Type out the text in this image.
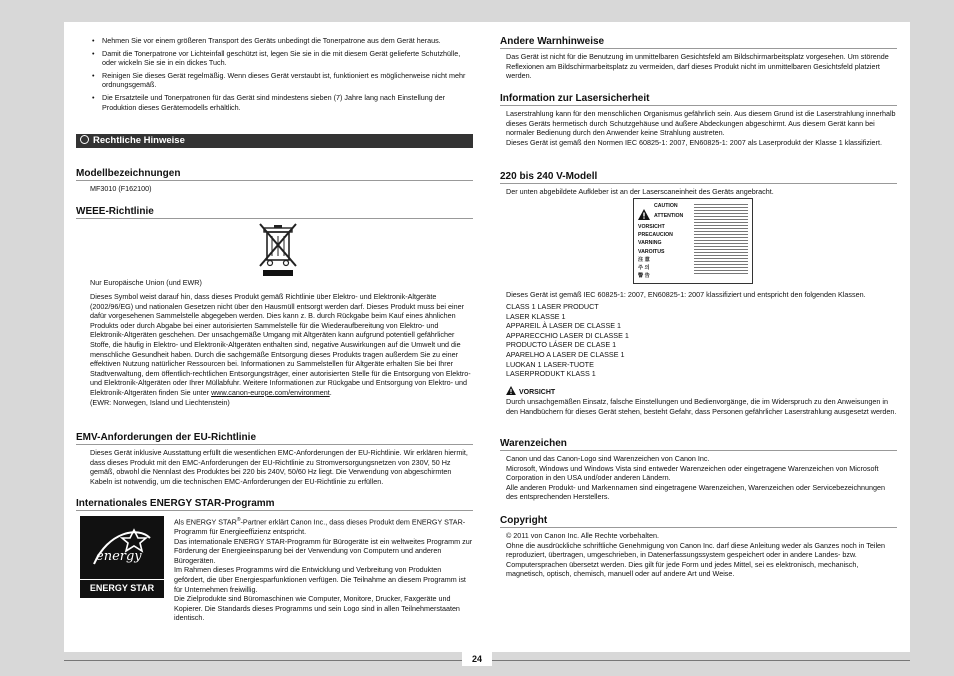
• Nehmen Sie vor einem größeren Transport des Geräts unbedingt die Tonerpatrone aus dem Gerät heraus.
• Damit die Tonerpatrone vor Lichteinfall geschützt ist, legen Sie sie in die mit diesem Gerät gelieferte Schutzhülle, oder wickeln Sie sie in ein dickes Tuch.
• Reinigen Sie dieses Gerät regelmäßig. Wenn dieses Gerät verstaubt ist, funktioniert es möglicherweise nicht mehr ordnungsgemäß.
• Die Ersatzteile und Tonerpatronen für das Gerät sind mindestens sieben (7) Jahre lang nach Einstellung der Produktion dieses Gerätemodells erhältlich.
Rechtliche Hinweise
Modellbezeichnungen
MF3010 (F162100)
WEEE-Richtlinie
Nur Europäische Union (und EWR)
Dieses Symbol weist darauf hin, dass dieses Produkt gemäß Richtlinie über Elektro- und Elektronik-Altgeräte (2002/96/EG) und nationalen Gesetzen nicht über den Hausmüll entsorgt werden darf. Dieses Produkt muss bei einer dafür vorgesehenen Sammelstelle abgegeben werden. Dies kann z. B. durch Rückgabe beim Kauf eines ähnlichen Produkts oder durch Abgabe bei einer autorisierten Sammelstelle für die Wiederaufbereitung von Elektro- und Elektronik-Altgeräten geschehen. Der unsachgemäße Umgang mit Altgeräten kann aufgrund potentiell gefährlicher Stoffe, die häufig in Elektro- und Elektronik-Altgeräten enthalten sind, negative Auswirkungen auf die Umwelt und die menschliche Gesundheit haben. Durch die sachgemäße Entsorgung dieses Produkts tragen außerdem Sie zu einer effektiven Nutzung natürlicher Ressourcen bei. Informationen zu Sammelstellen für Altgeräte erhalten Sie bei Ihrer Stadtverwaltung, dem öffentlich-rechtlichen Entsorgungsträger, einer autorisierten Stelle für die Entsorgung von Elektro- und Elektronik-Altgeräten oder Ihrer Müllabfuhr. Weitere Informationen zur Rückgabe und Entsorgung von Elektro- und Elektronik-Altgeräten finden Sie unter www.canon-europe.com/environment.
(EWR: Norwegen, Island und Liechtenstein)
EMV-Anforderungen der EU-Richtlinie
Dieses Gerät inklusive Ausstattung erfüllt die wesentlichen EMC-Anforderungen der EU-Richtlinie. Wir erklären hiermit, dass dieses Produkt mit den EMC-Anforderungen der EU-Richtlinie zu Stromversorgungsnetzen von 230V, 50 Hz gemäß, obwohl die Nennlast des Produktes bei 220 bis 240V, 50/60 Hz liegt. Die Verwendung von abgeschirmten Kabeln ist notwendig, um die technischen EMC-Anforderungen der EU-Richtlinie zu erfüllen.
Internationales ENERGY STAR-Programm
energy
ENERGY STAR
Als ENERGY STAR®-Partner erklärt Canon Inc., dass dieses Produkt dem ENERGY STAR-Programm für Energieeffizienz entspricht.
Das internationale ENERGY STAR-Programm für Bürogeräte ist ein weltweites Programm zur Förderung der Energieeinsparung bei der Verwendung von Computern und anderen Bürogeräten.
Im Rahmen dieses Programms wird die Entwicklung und Verbreitung von Produkten gefördert, die über Energiesparfunktionen verfügen. Die Teilnahme an diesem Programm ist für Unternehmen freiwillig.
Die Zielprodukte sind Büromaschinen wie Computer, Monitore, Drucker, Faxgeräte und Kopierer. Die Standards dieses Programms und sein Logo sind in allen Teilnehmerstaaten identisch.
Andere Warnhinweise
Das Gerät ist nicht für die Benutzung im unmittelbaren Gesichtsfeld am Bildschirmarbeitsplatz vorgesehen. Um störende Reflexionen am Bildschirmarbeitsplatz zu vermeiden, darf dieses Produkt nicht im unmittelbaren Gesichtsfeld platziert werden.
Information zur Lasersicherheit
Laserstrahlung kann für den menschlichen Organismus gefährlich sein. Aus diesem Grund ist die Laserstrahlung innerhalb dieses Geräts hermetisch durch Schutzgehäuse und äußere Abdeckungen abgeschirmt. Aus diesem Gerät kann bei normaler Bedienung durch den Anwender keine Strahlung austreten.
Dieses Gerät ist gemäß den Normen IEC 60825-1: 2007, EN60825-1: 2007 als Laserprodukt der Klasse 1 klassifiziert.
220 bis 240 V-Modell
Der unten abgebildete Aufkleber ist an der Laserscaneinheit des Geräts angebracht.
CAUTION
ATTENTION
VORSICHT
PRECAUCION
VARNING
VAROITUS
注 意
주 의
警 告
Dieses Gerät ist gemäß IEC 60825-1: 2007, EN60825-1: 2007 klassifiziert und entspricht den folgenden Klassen.
CLASS 1 LASER PRODUCT
LASER KLASSE 1
APPAREIL À LASER DE CLASSE 1
APPARECCHIO LASER DI CLASSE 1
PRODUCTO LÁSER DE CLASE 1
APARELHO A LASER DE CLASSE 1
LUOKAN 1 LASER-TUOTE
LASERPRODUKT KLASS 1
VORSICHT
Durch unsachgemäßen Einsatz, falsche Einstellungen und Bedienvorgänge, die im Widerspruch zu den Anweisungen in den Handbüchern für dieses Gerät stehen, besteht Gefahr, dass Personen gefährlicher Laserstrahlung ausgesetzt werden.
Warenzeichen
Canon und das Canon-Logo sind Warenzeichen von Canon Inc.
Microsoft, Windows und Windows Vista sind entweder Warenzeichen oder eingetragene Warenzeichen von Microsoft Corporation in den USA und/oder anderen Ländern.
Alle anderen Produkt- und Markennamen sind eingetragene Warenzeichen, Warenzeichen oder Servicebezeichnungen des entsprechenden Herstellers.
Copyright
© 2011 von Canon Inc. Alle Rechte vorbehalten.
Ohne die ausdrückliche schriftliche Genehmigung von Canon Inc. darf diese Anleitung weder als Ganzes noch in Teilen reproduziert, übertragen, umgeschrieben, in Datenerfassungssystem gespeichert oder in andere Landes- bzw. Computersprachen übersetzt werden. Dies gilt für jede Form und jedes Mittel, sei es elektronisch, mechanisch, magnetisch, optisch, chemisch, manuell oder auf andere Art und Weise.
24
